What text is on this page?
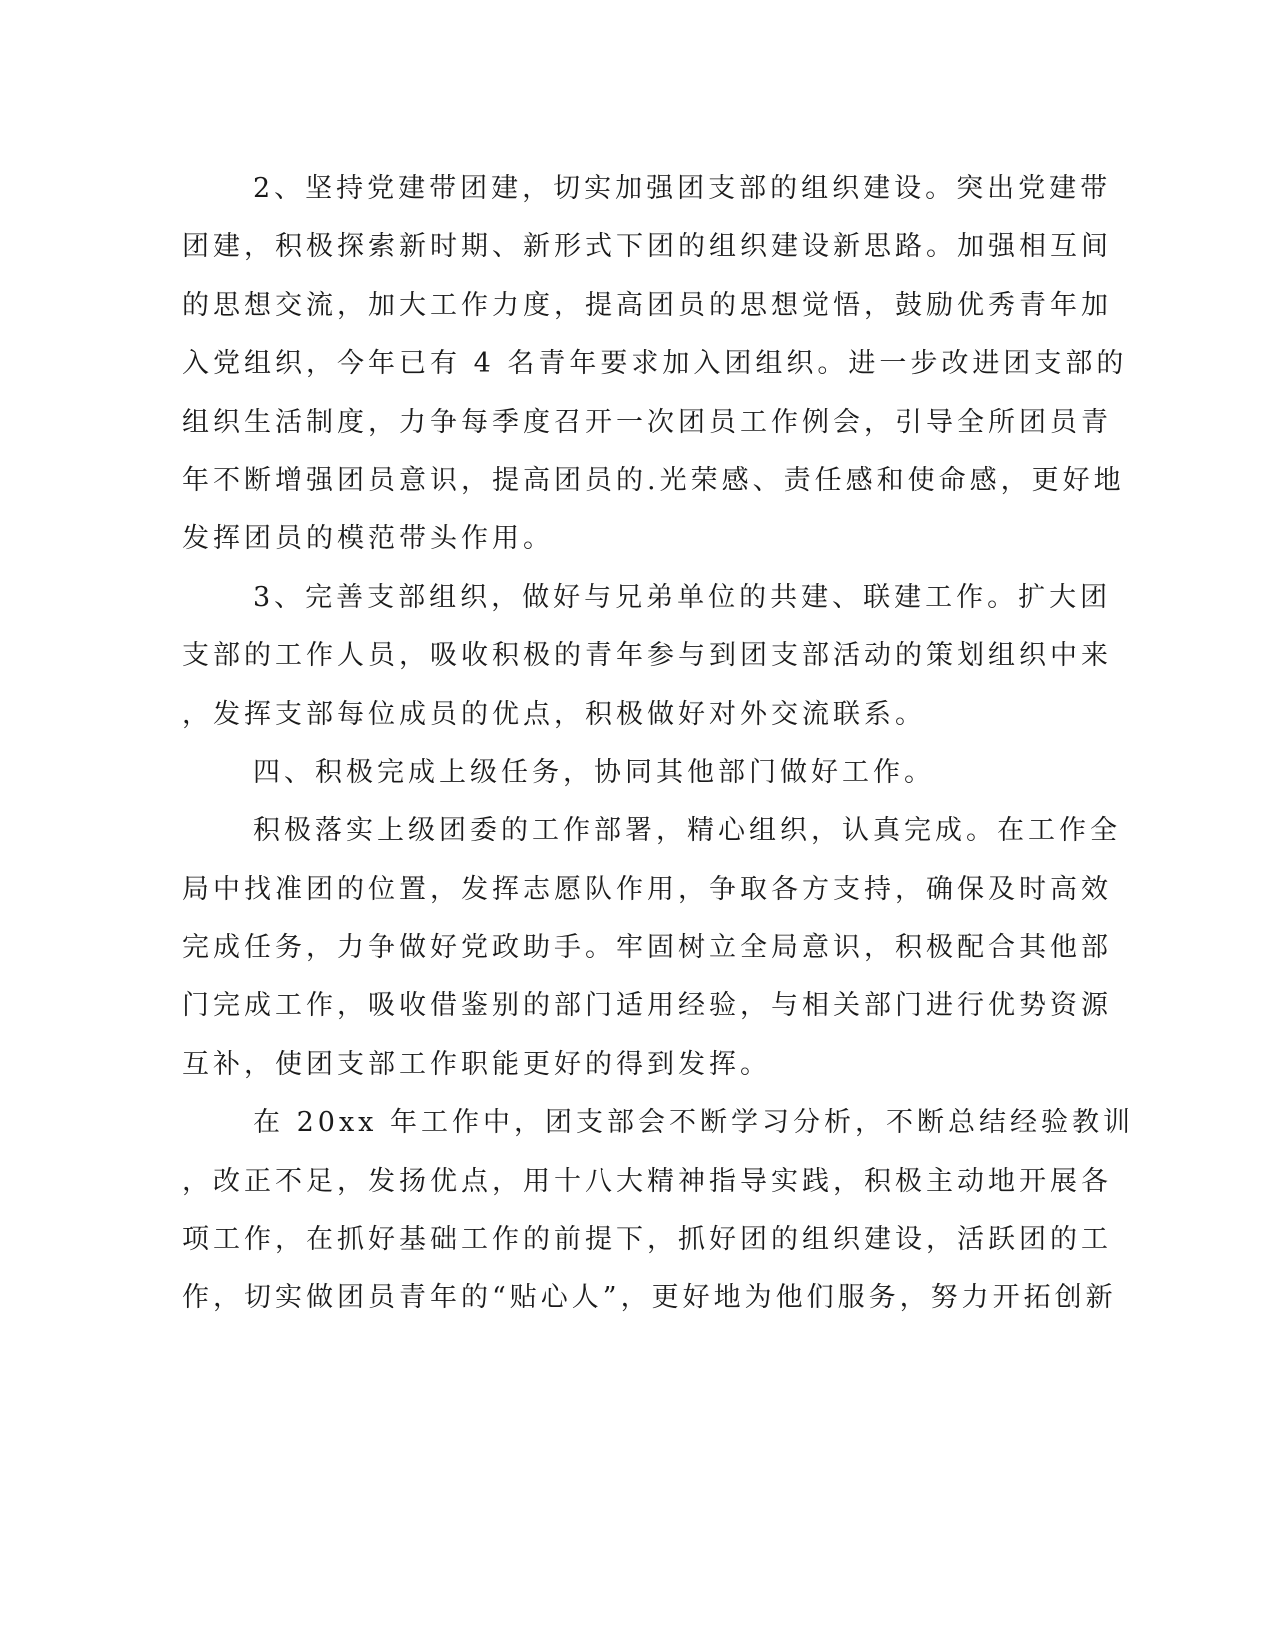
2、坚持党建带团建，切实加强团支部的组织建设。突出党建带
团建，积极探索新时期、新形式下团的组织建设新思路。加强相互间
的思想交流，加大工作力度，提高团员的思想觉悟，鼓励优秀青年加
入党组织，今年已有 4 名青年要求加入团组织。进一步改进团支部的
组织生活制度，力争每季度召开一次团员工作例会，引导全所团员青
年不断增强团员意识，提高团员的.光荣感、责任感和使命感，更好地
发挥团员的模范带头作用。
3、完善支部组织，做好与兄弟单位的共建、联建工作。扩大团
支部的工作人员，吸收积极的青年参与到团支部活动的策划组织中来
，发挥支部每位成员的优点，积极做好对外交流联系。
四、积极完成上级任务，协同其他部门做好工作。
积极落实上级团委的工作部署，精心组织，认真完成。在工作全
局中找准团的位置，发挥志愿队作用，争取各方支持，确保及时高效
完成任务，力争做好党政助手。牢固树立全局意识，积极配合其他部
门完成工作，吸收借鉴别的部门适用经验，与相关部门进行优势资源
互补，使团支部工作职能更好的得到发挥。
在 20xx 年工作中，团支部会不断学习分析，不断总结经验教训
，改正不足，发扬优点，用十八大精神指导实践，积极主动地开展各
项工作，在抓好基础工作的前提下，抓好团的组织建设，活跃团的工
作，切实做团员青年的“贴心人”，更好地为他们服务，努力开拓创新
